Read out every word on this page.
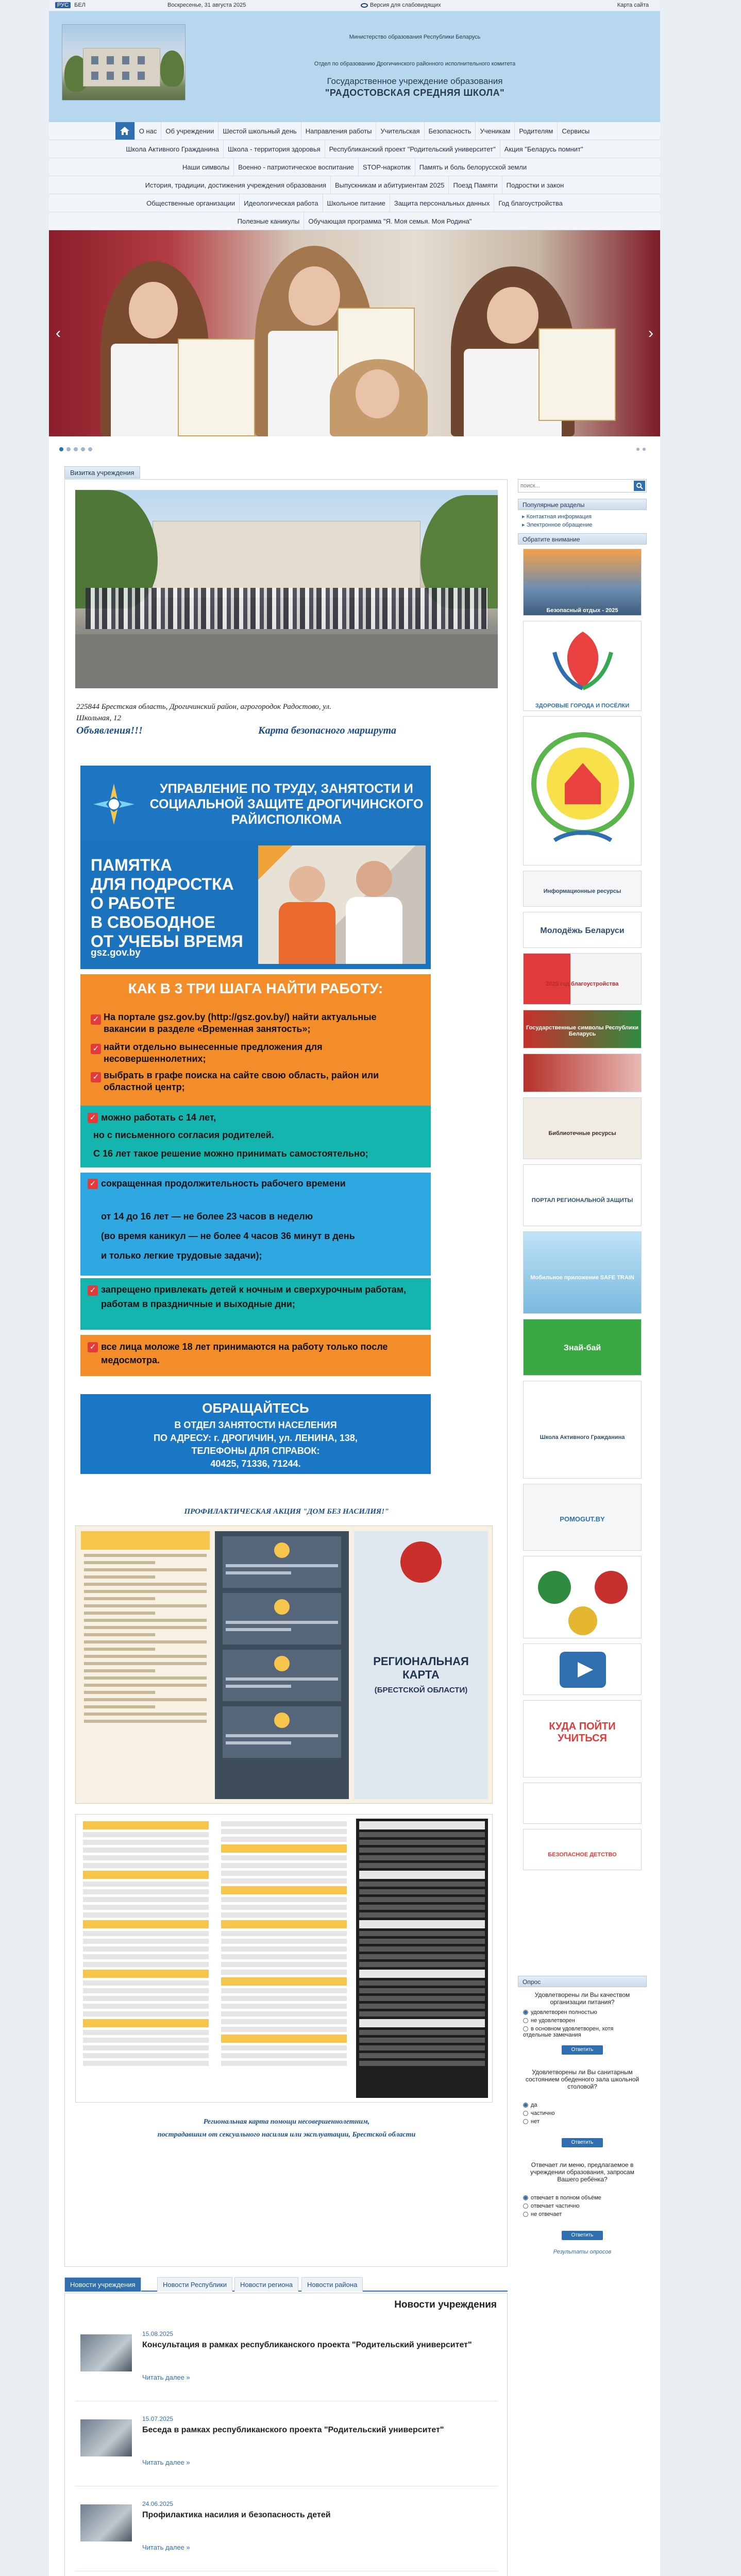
РУС БЕЛ	Воскресенье, 31 августа 2025	Версия для слабовидящих	Карта сайта
Министерство образования Республики Беларусь
Отдел по образованию Дрогичинского районного исполнительного комитета
Государственное учреждение образования
"РАДОСТОВСКАЯ СРЕДНЯЯ ШКОЛА"
О нас	Об учреждении	Шестой школьный день	Направления работы	Учительская	Безопасность	Ученикам	Родителям	Сервисы
Школа Активного Гражданина	Школа - территория здоровья	Республиканский проект "Родительский университет"	Акция "Беларусь помнит"
Наши символы	Военно - патриотическое воспитание	STOP-наркотик	Память и боль белорусской земли
История, традиции, достижения учреждения образования	Выпускникам и абитуриентам 2025	Поезд Памяти	Подростки и закон
Общественные организации	Идеологическая работа	Школьное питание	Защита персональных данных	Год благоустройства
Полезные каникулы	Обучающая программа "Я. Моя семья. Моя Родина"
‹	›
Визитка учреждения
225844 Брестская область, Дрогичинский район, агрогородок Радостово, ул.
Школьная, 12
Объявления!!!	Карта безопасного маршрута
УПРАВЛЕНИЕ ПО ТРУДУ, ЗАНЯТОСТИ И СОЦИАЛЬНОЙ ЗАЩИТЕ ДРОГИЧИНСКОГО РАЙИСПОЛКОМА
ПАМЯТКА
ДЛЯ ПОДРОСТКА
О РАБОТЕ
В СВОБОДНОЕ
ОТ УЧЕБЫ ВРЕМЯ
gsz.gov.by
КАК В 3 ТРИ ШАГА НАЙТИ РАБОТУ:
✓ На портале gsz.gov.by (http://gsz.gov.by/) найти актуальные вакансии в разделе «Временная занятость»;
✓ найти отдельно вынесенные предложения для несовершеннолетних;
✓ выбрать в графе поиска на сайте свою область, район или областной центр;
✓ можно работать с 14 лет,
но с письменного согласия родителей.
С 16 лет такое решение можно принимать самостоятельно;
✓ сокращенная продолжительность рабочего времени
от 14 до 16 лет — не более 23 часов в неделю
(во время каникул — не более 4 часов 36 минут в день
и только легкие трудовые задачи);
✓ запрещено привлекать детей к ночным и сверхурочным работам, работам в праздничные и выходные дни;
✓ все лица моложе 18 лет принимаются на работу только после медосмотра.
ОБРАЩАЙТЕСЬ
В ОТДЕЛ ЗАНЯТОСТИ НАСЕЛЕНИЯ
ПО АДРЕСУ: г. ДРОГИЧИН, ул. ЛЕНИНА, 138,
ТЕЛЕФОНЫ ДЛЯ СПРАВОК:
40425, 71336, 71244.
ПРОФИЛАКТИЧЕСКАЯ АКЦИЯ "ДОМ БЕЗ НАСИЛИЯ!"
РЕГИОНАЛЬНАЯ КАРТА
(БРЕСТСКОЙ ОБЛАСТИ)
Региональная карта помощи несовершеннолетним,
пострадавшим от сексуального насилия или эксплуатации, Брестской области
поиск...
Популярные разделы
▸ Контактная информация
▸ Электронное обращение
Обратите внимание
Безопасный отдых - 2025
ЗДОРОВЫЕ ГОРОДА И ПОСЁЛКИ
Информационные ресурсы
Молодёжь Беларуси
2025 год благоустройства
Государственные символы Республики Беларусь
Библиотечные ресурсы
ПОРТАЛ РЕГИОНАЛЬНОЙ ЗАЩИТЫ
Мобильное приложение SAFE TRAIN
Знай-бай
Школа Активного Гражданина
POMOGUT.BY
КУДА ПОЙТИ УЧИТЬСЯ
БЕЗОПАСНОЕ ДЕТСТВО
Опрос
Удовлетворены ли Вы качеством организации питания?
удовлетворен полностью
не удовлетворен
в основном удовлетворен, хотя отдельные замечания
Ответить
Удовлетворены ли Вы санитарным состоянием обеденного зала школьной столовой?
да
частично
нет
Ответить
Отвечает ли меню, предлагаемое в учреждении образования, запросам Вашего ребёнка?
отвечает в полном объёме
отвечает частично
не отвечает
Ответить
Результаты опросов
Новости учреждения	Новости Республики	Новости региона	Новости района
Новости учреждения
15.08.2025
Консультация в рамках республиканского проекта "Родительский университет"
Читать далее »
15.07.2025
Беседа в рамках республиканского проекта "Родительский университет"
Читать далее »
24.06.2025
Профилактика насилия и безопасность детей
Читать далее »
